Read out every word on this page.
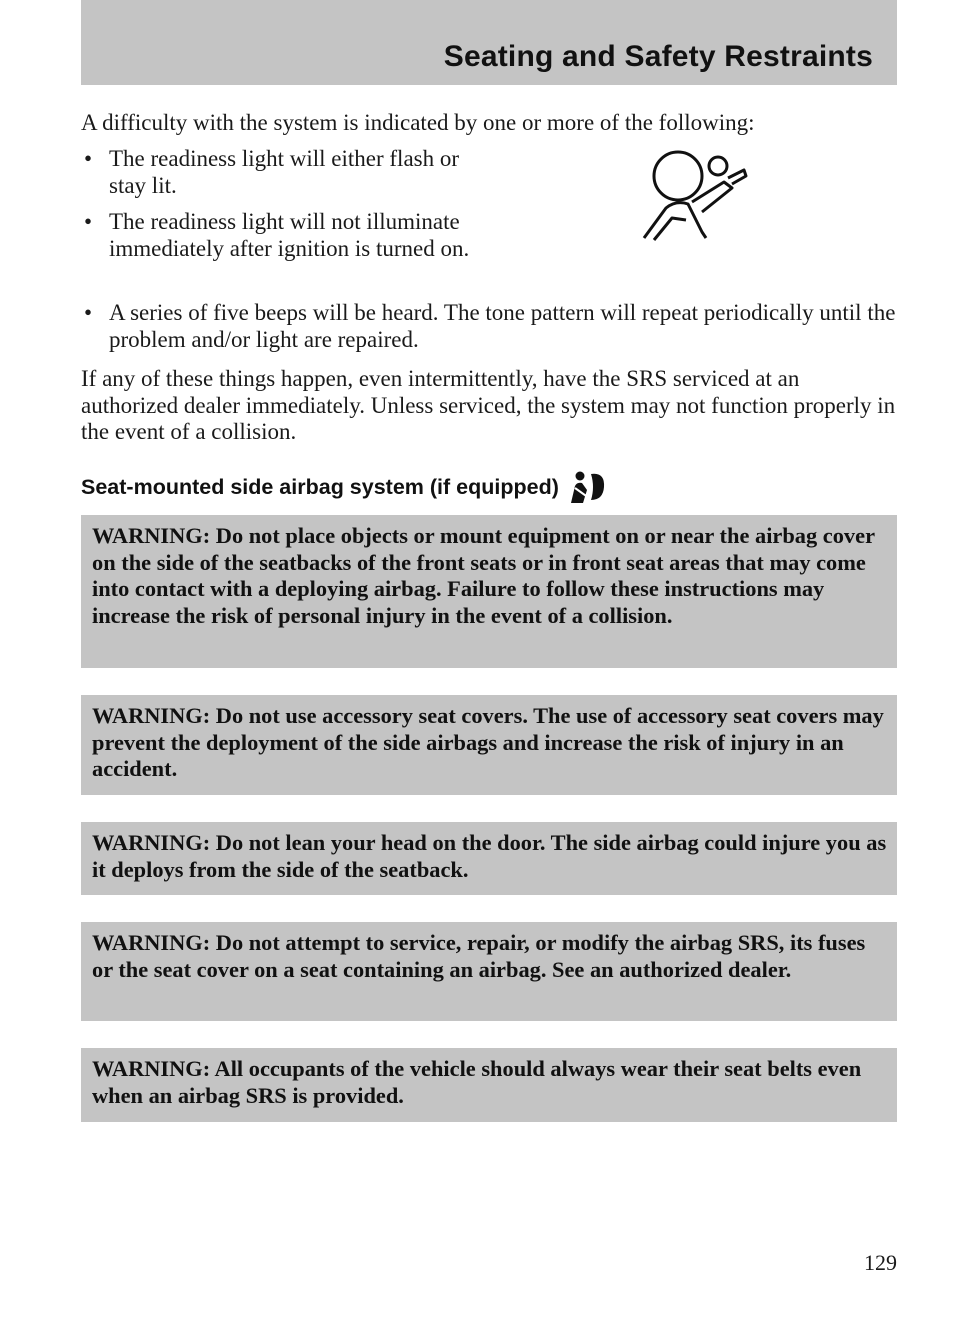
Seating and Safety Restraints
A difficulty with the system is indicated by one or more of the following:
• The readiness light will either flash or stay lit.
• The readiness light will not illuminate immediately after ignition is turned on.
• A series of five beeps will be heard. The tone pattern will repeat periodically until the problem and/or light are repaired.
If any of these things happen, even intermittently, have the SRS serviced at an authorized dealer immediately. Unless serviced, the system may not function properly in the event of a collision.
Seat-mounted side airbag system (if equipped)
WARNING: Do not place objects or mount equipment on or near the airbag cover on the side of the seatbacks of the front seats or in front seat areas that may come into contact with a deploying airbag. Failure to follow these instructions may increase the risk of personal injury in the event of a collision.
WARNING: Do not use accessory seat covers. The use of accessory seat covers may prevent the deployment of the side airbags and increase the risk of injury in an accident.
WARNING: Do not lean your head on the door. The side airbag could injure you as it deploys from the side of the seatback.
WARNING: Do not attempt to service, repair, or modify the airbag SRS, its fuses or the seat cover on a seat containing an airbag. See an authorized dealer.
WARNING: All occupants of the vehicle should always wear their seat belts even when an airbag SRS is provided.
129
